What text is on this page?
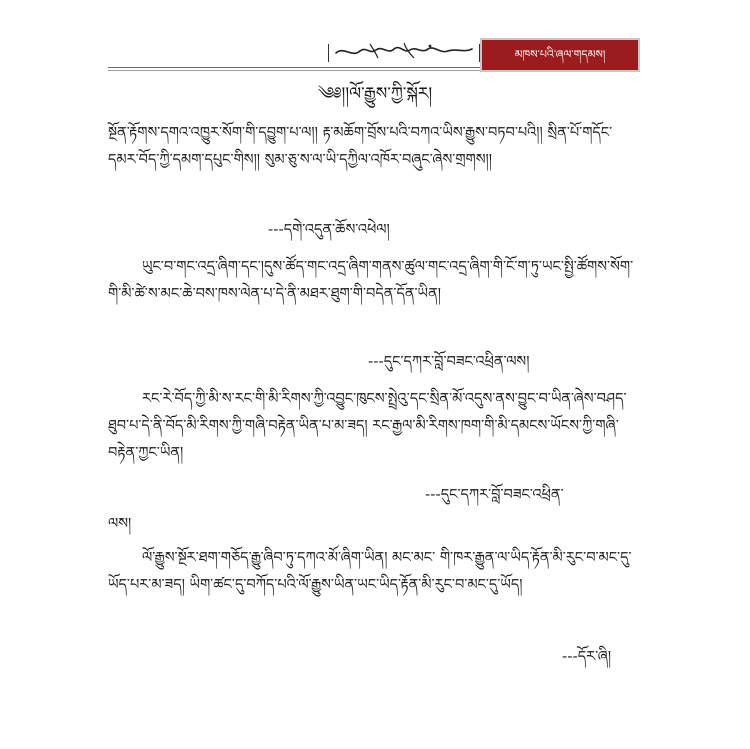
མཁས་པའི་ཞལ་གདམས།
༄༅།།ལོ་རྒྱུས་ཀྱི་སྐོར།
སྔོན་རྟོགས་དགའ་འཁྱུར་སོག་གི་དབྱུག་པ་ལ།། རྟ་མཆོག་བྲོས་པའི་བཀའ་ཡིས་རྒྱུས་བཏབ་པའི།། སྲིན་པོ་གདོང་དམར་བོད་ཀྱི་དམག་དཔུང་གིས།། སུམ་ཅུ་ས་ལ་ཡི་དཀྱིལ་འཁོར་བཞུང་ཞེས་གྲགས།།
---དགེ་འདུན་ཆོས་འཕེལ།
ཡུང་བ་གང་འདྲ་ཞིག་དང་།དུས་ཚོད་གང་འདྲ་ཞིག་གནས་ཚུལ་གང་འདྲ་ཞིག་གི་ངོ་ག་ཏུ་ཡང་སྤྱི་ཚོགས་སོག་གི་མི་ཚེ་ས་མང་ཆེ་བས་ཁས་ལེན་པ་དེ་ནི་མཐར་ཐུག་གི་བདེན་དོན་ཡིན།
---དུང་དཀར་བློ་བཟང་འཕྲིན་ལས།
རང་རེ་བོད་ཀྱི་མི་ས་རང་གི་མི་རིགས་ཀྱི་འབྱུང་ཁུངས་སྤྲེའུ་དང་སྲིན་མོ་འདུས་ནས་བྱུང་བ་ཡིན་ཞེས་བཤད་ཐུབ་པ་དེ་ནི་བོད་མི་རིགས་ཀྱི་གཞི་བརྟེན་ཡིན་པ་མ་ཟད། རང་རྒྱལ་མི་རིགས་ཁག་གི་མི་དམངས་ཡོངས་ཀྱི་གཞི་བརྟེན་ཀྱང་ཡིན།
---དུང་དཀར་བློ་བཟང་འཕྲིན་
ལས།
ལོ་རྒྱུས་སྔོར་ཐག་གཅོད་རྒྱུ་ཞིབ་ཏུ་དཀའ་མོ་ཞིག་ཡིན། མང་མང་ གི་ཁར་རྒྱུན་ལ་ཡིད་རྟོན་མི་རུང་བ་མང་དུ་ཡོད་པར་མ་ཟད། ཡིག་ཚང་དུ་བཀོད་པའི་ལོ་རྒྱུས་ཡིན་ཡང་ཡིད་རྟོན་མི་རུང་བ་མང་དུ་ཡོད།
---དོར་ཞི།
